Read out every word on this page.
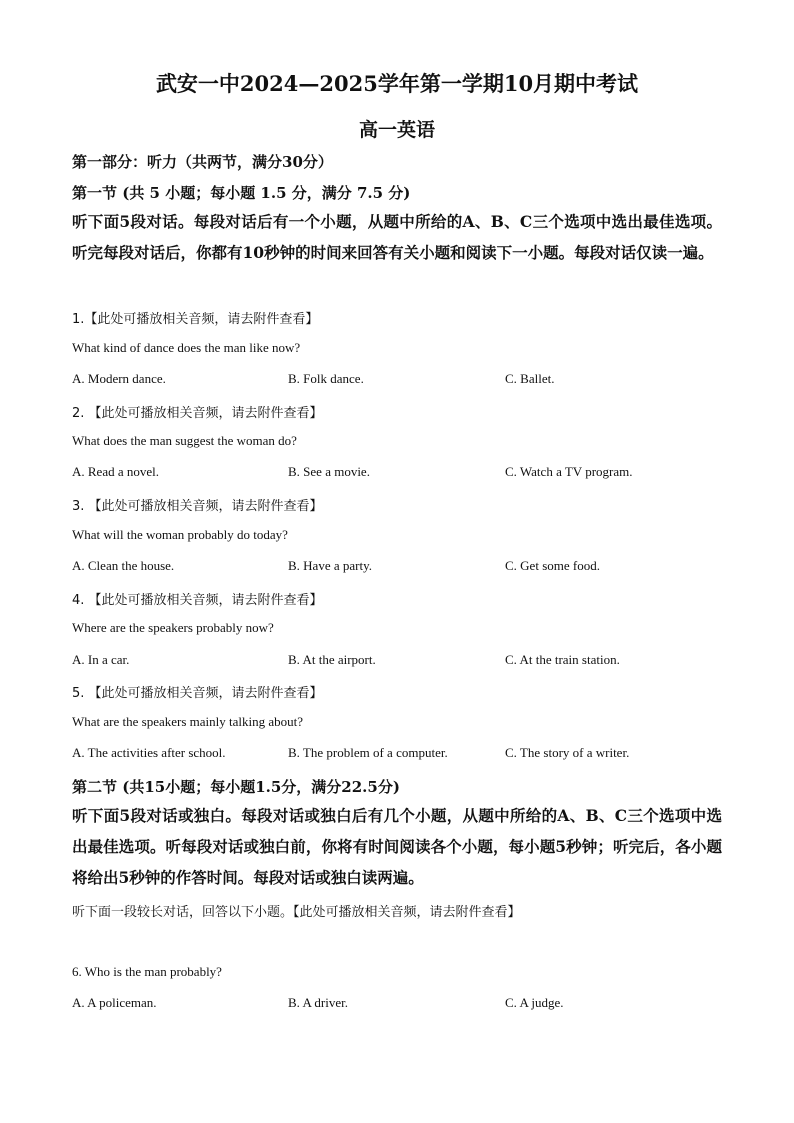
武安一中2024—2025学年第一学期10月期中考试
高一英语

第一部分：听力（共两节，满分30分）

第一节 (共 5 小题；每小题 1.5 分，满分 7.5 分)

听下面5段对话。每段对话后有一个小题，从题中所给的A、B、C三个选项中选出最佳选项。听完每段对话后，你都有10秒钟的时间来回答有关小题和阅读下一小题。每段对话仅读一遍。

1.【此处可播放相关音频，请去附件查看】

What kind of dance does the man like now?

A. Modern dance.	B. Folk dance.	C. Ballet.

2. 【此处可播放相关音频，请去附件查看】

What does the man suggest the woman do?

A. Read a novel.	B. See a movie.	C. Watch a TV program.

3. 【此处可播放相关音频，请去附件查看】

What will the woman probably do today?

A. Clean the house.	B. Have a party.	C. Get some food.

4. 【此处可播放相关音频，请去附件查看】

Where are the speakers probably now?

A. In a car.	B. At the airport.	C. At the train station.

5. 【此处可播放相关音频，请去附件查看】

What are the speakers mainly talking about?

A. The activities after school.	B. The problem of a computer.	C. The story of a writer.

第二节 (共15小题；每小题1.5分，满分22.5分)

听下面5段对话或独白。每段对话或独白后有几个小题，从题中所给的A、B、C三个选项中选出最佳选项。听每段对话或独白前，你将有时间阅读各个小题，每小题5秒钟；听完后，各小题将给出5秒钟的作答时间。每段对话或独白读两遍。

听下面一段较长对话，回答以下小题。【此处可播放相关音频，请去附件查看】

6. Who is the man probably?

A. A policeman.	B. A driver.	C. A judge.
